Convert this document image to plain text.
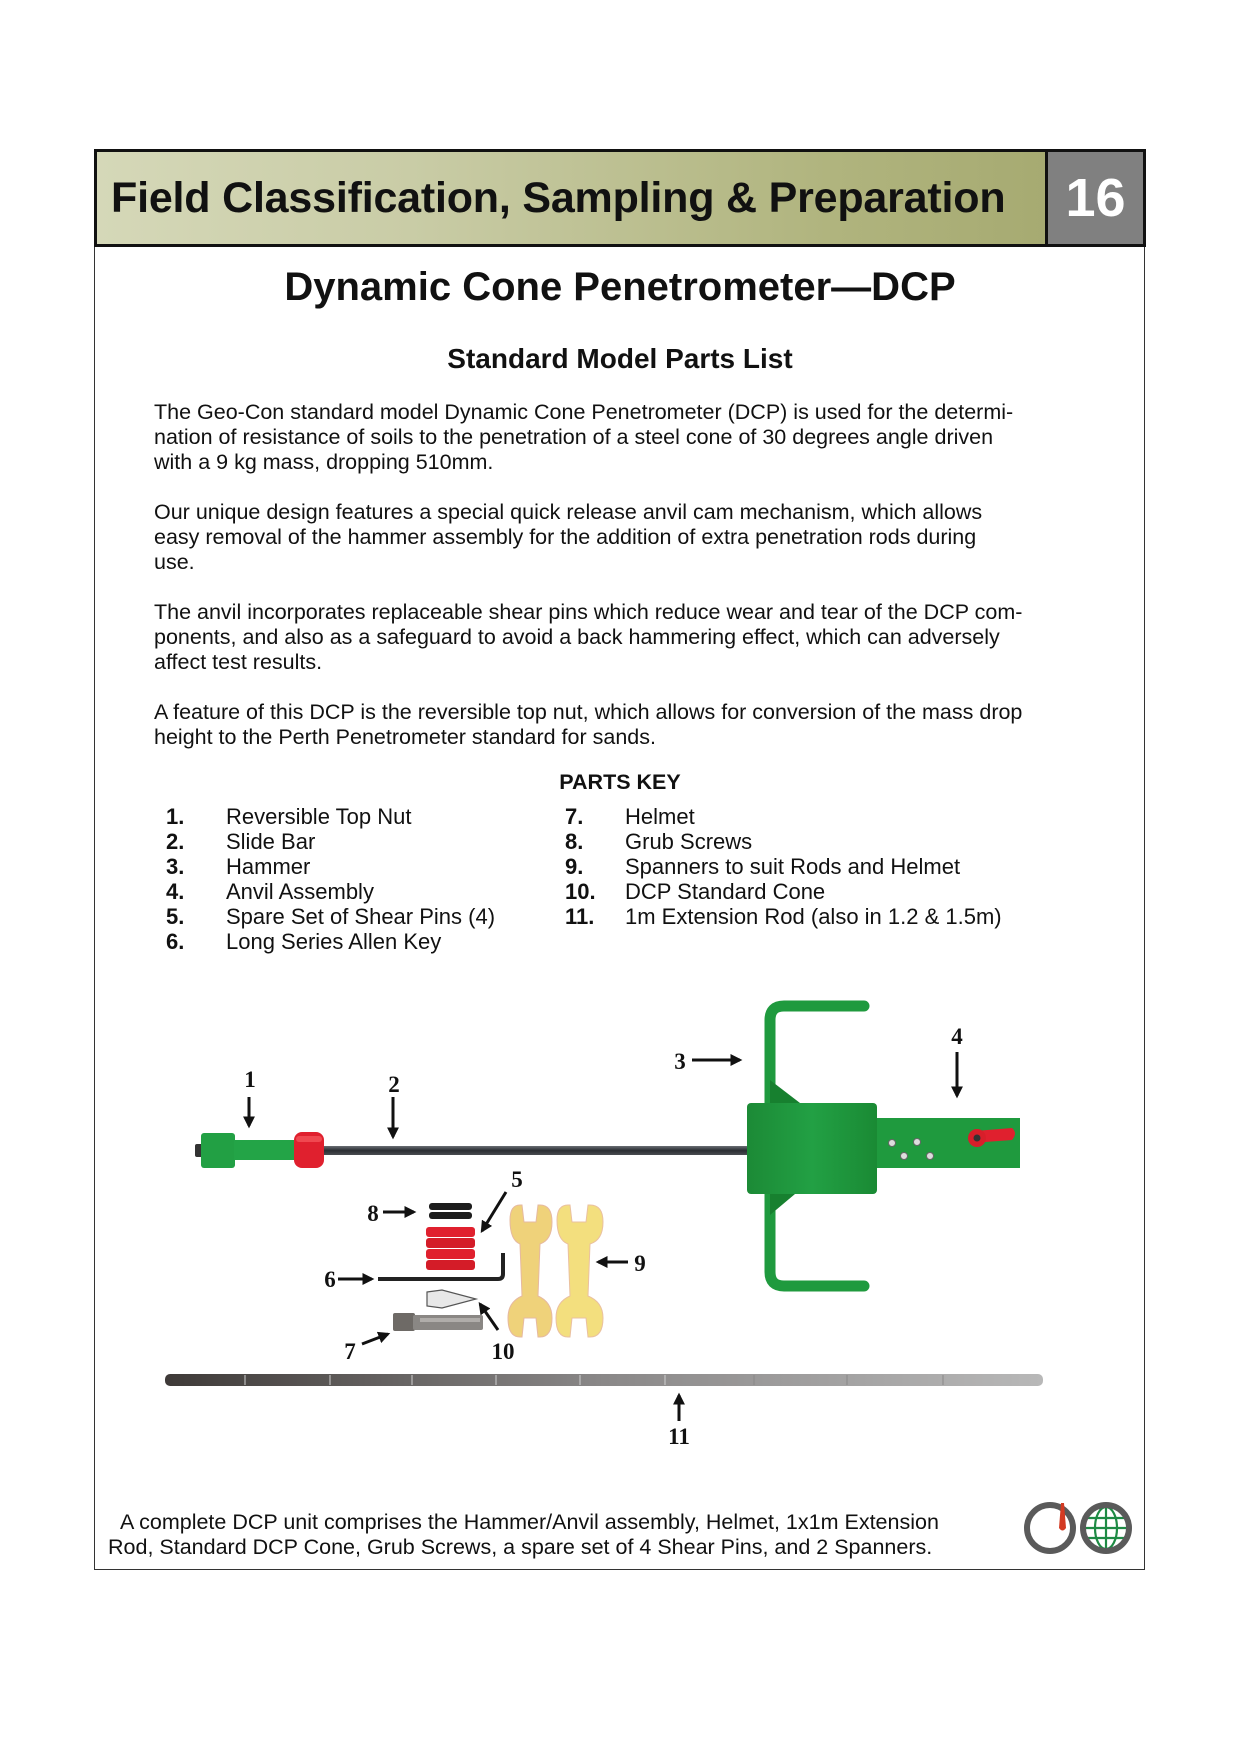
Field Classification, Sampling & Preparation	16
Dynamic Cone Penetrometer—DCP
Standard Model Parts List
The Geo-Con standard model Dynamic Cone Penetrometer (DCP) is used for the determi-
nation of resistance of soils to the penetration of a steel cone of 30 degrees angle driven
with a 9 kg mass, dropping 510mm.
Our unique design features a special quick release anvil cam mechanism, which allows
easy removal of the hammer assembly for the addition of extra penetration rods during
use.
The anvil incorporates replaceable shear pins which reduce wear and tear of the DCP com-
ponents, and also as a safeguard to avoid a back hammering effect, which can adversely
affect test results.
A feature of this DCP is the reversible top nut, which allows for conversion of the mass drop
height to the Perth Penetrometer standard for sands.
PARTS KEY
1. Reversible Top Nut
2. Slide Bar
3. Hammer
4. Anvil Assembly
5. Spare Set of Shear Pins (4)
6. Long Series Allen Key
7. Helmet
8. Grub Screws
9. Spanners to suit Rods and Helmet
10. DCP Standard Cone
11. 1m Extension Rod (also in 1.2 & 1.5m)
1	2
3
4
5
6
7
8
9
10
11
A complete DCP unit comprises the Hammer/Anvil assembly, Helmet, 1x1m Extension
Rod, Standard DCP Cone, Grub Screws, a spare set of 4 Shear Pins, and 2 Spanners.
